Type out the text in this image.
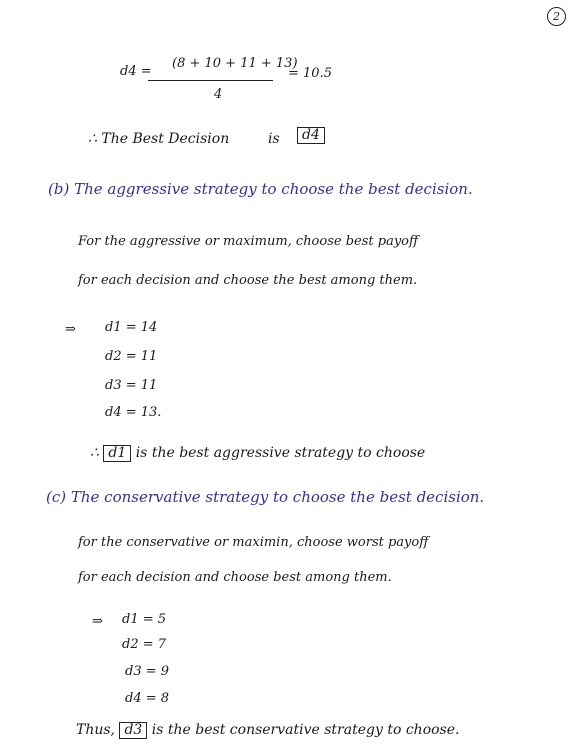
2
d4 =
(8 + 10 + 11 + 13)
4
= 10.5
∴ The Best Decision	is	d4
(b) The aggressive strategy to choose the best decision.
For the aggressive or maximum, choose best payoff
for each decision and choose the best among them.
⇒ d1 = 14
d2 = 11
d3 = 11
d4 = 13.
∴ d1 is the best aggressive strategy to choose
(c) The conservative strategy to choose the best decision.
for the conservative or maximin, choose worst payoff
for each decision and choose best among them.
⇒ d1 = 5
d2 = 7
d3 = 9
d4 = 8
Thus, d3 is the best conservative strategy to choose.
